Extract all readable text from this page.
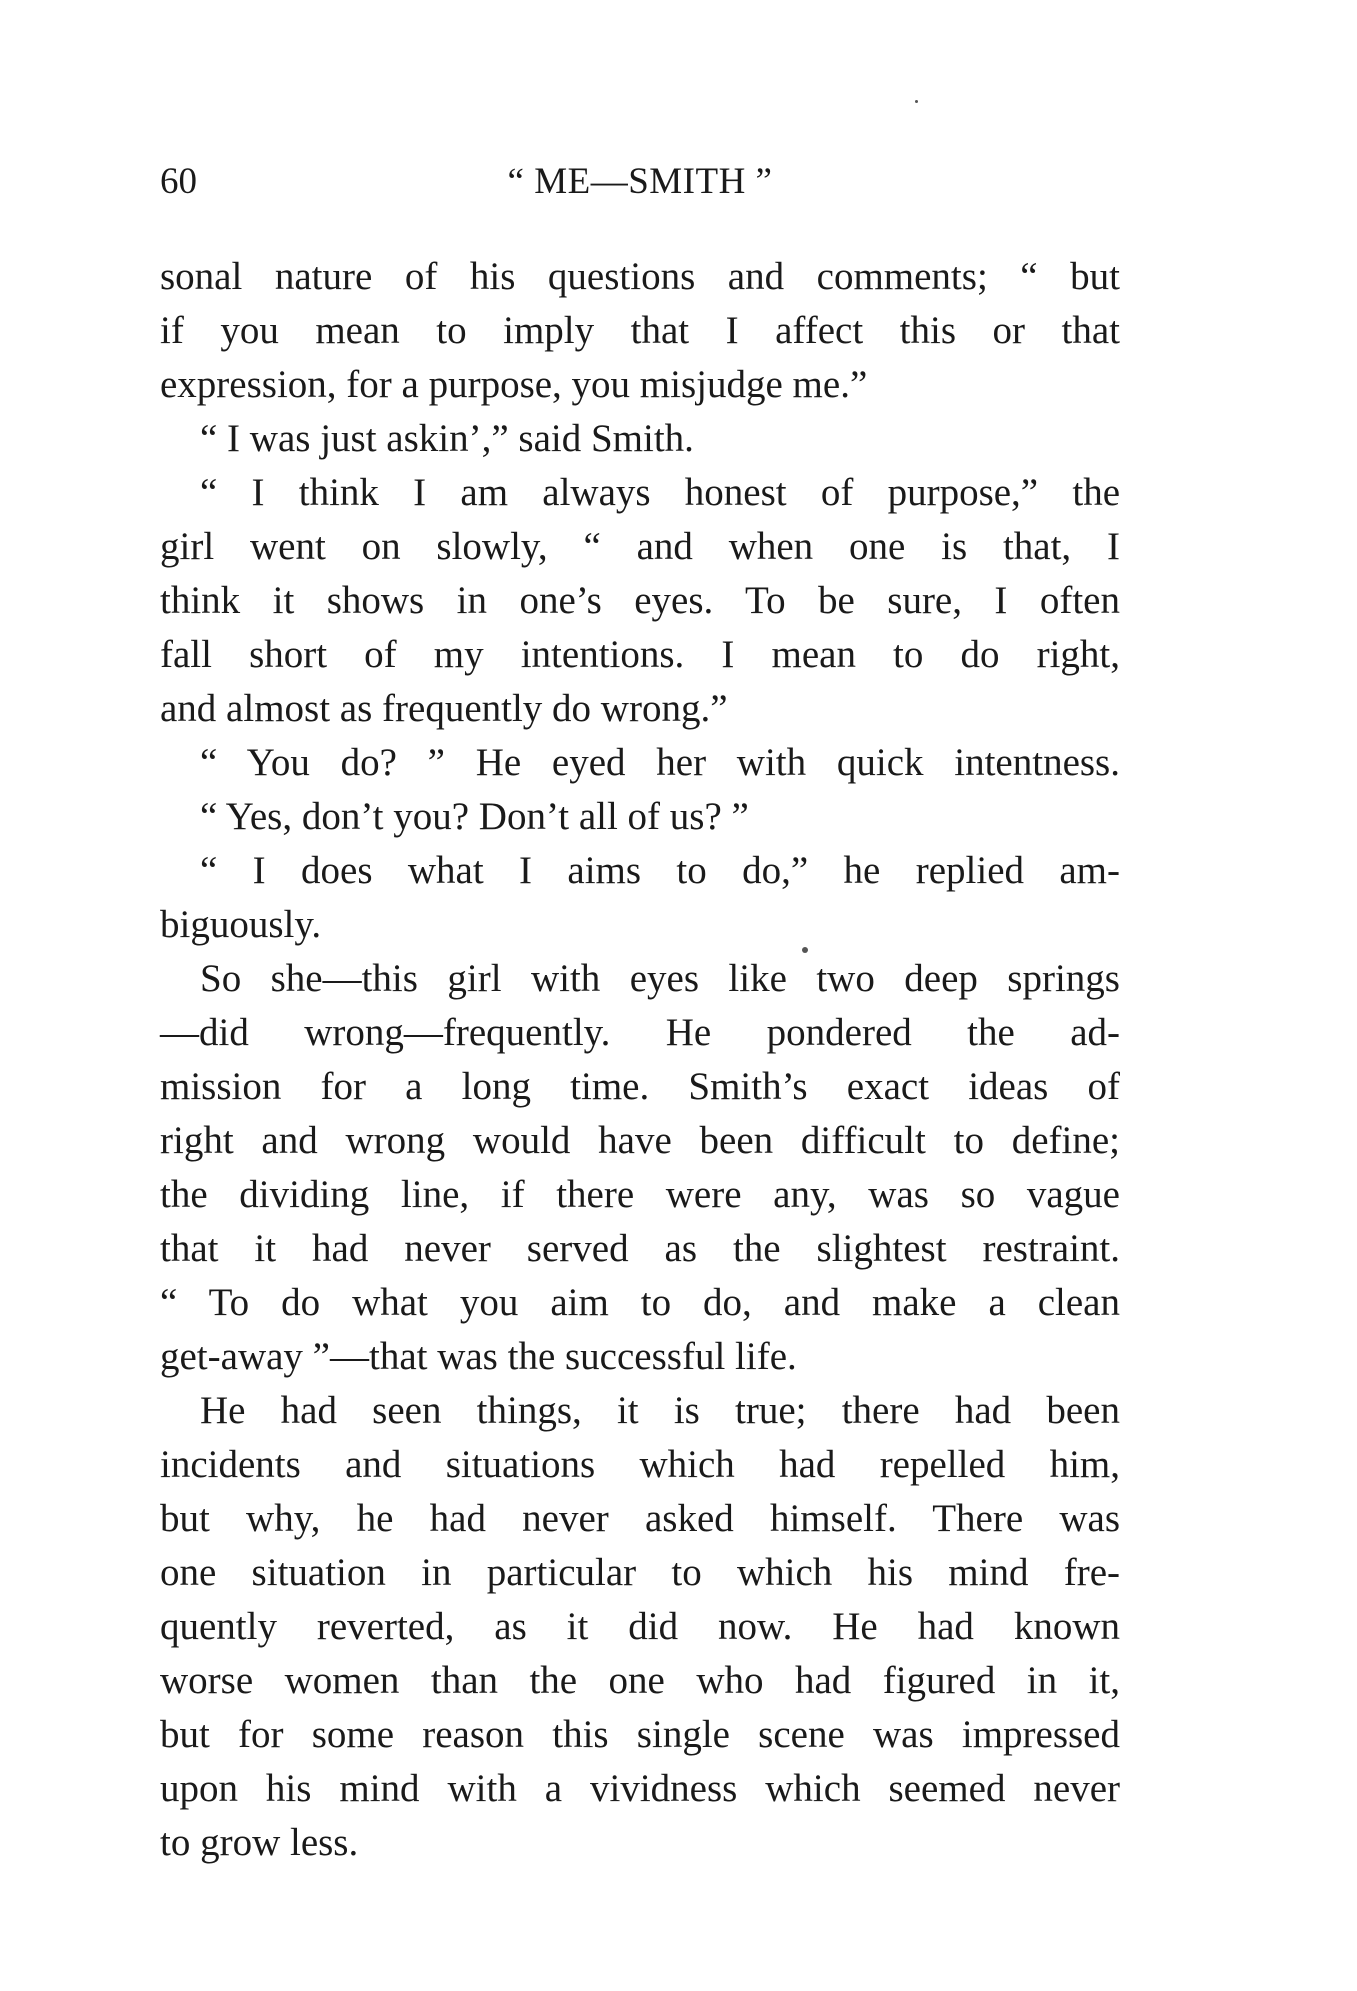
60	“ ME—SMITH ”
sonal nature of his questions and comments; “ but
if you mean to imply that I affect this or that
expression, for a purpose, you misjudge me.”
“ I was just askin’,” said Smith.
“ I think I am always honest of purpose,” the
girl went on slowly, “ and when one is that, I
think it shows in one’s eyes. To be sure, I often
fall short of my intentions. I mean to do right,
and almost as frequently do wrong.”
“ You do? ” He eyed her with quick intentness.
“ Yes, don’t you? Don’t all of us? ”
“ I does what I aims to do,” he replied am-
biguously.
So she—this girl with eyes like two deep springs
—did wrong—frequently. He pondered the ad-
mission for a long time. Smith’s exact ideas of
right and wrong would have been difficult to define;
the dividing line, if there were any, was so vague
that it had never served as the slightest restraint.
“ To do what you aim to do, and make a clean
get-away ”—that was the successful life.
He had seen things, it is true; there had been
incidents and situations which had repelled him,
but why, he had never asked himself. There was
one situation in particular to which his mind fre-
quently reverted, as it did now. He had known
worse women than the one who had figured in it,
but for some reason this single scene was impressed
upon his mind with a vividness which seemed never
to grow less.
